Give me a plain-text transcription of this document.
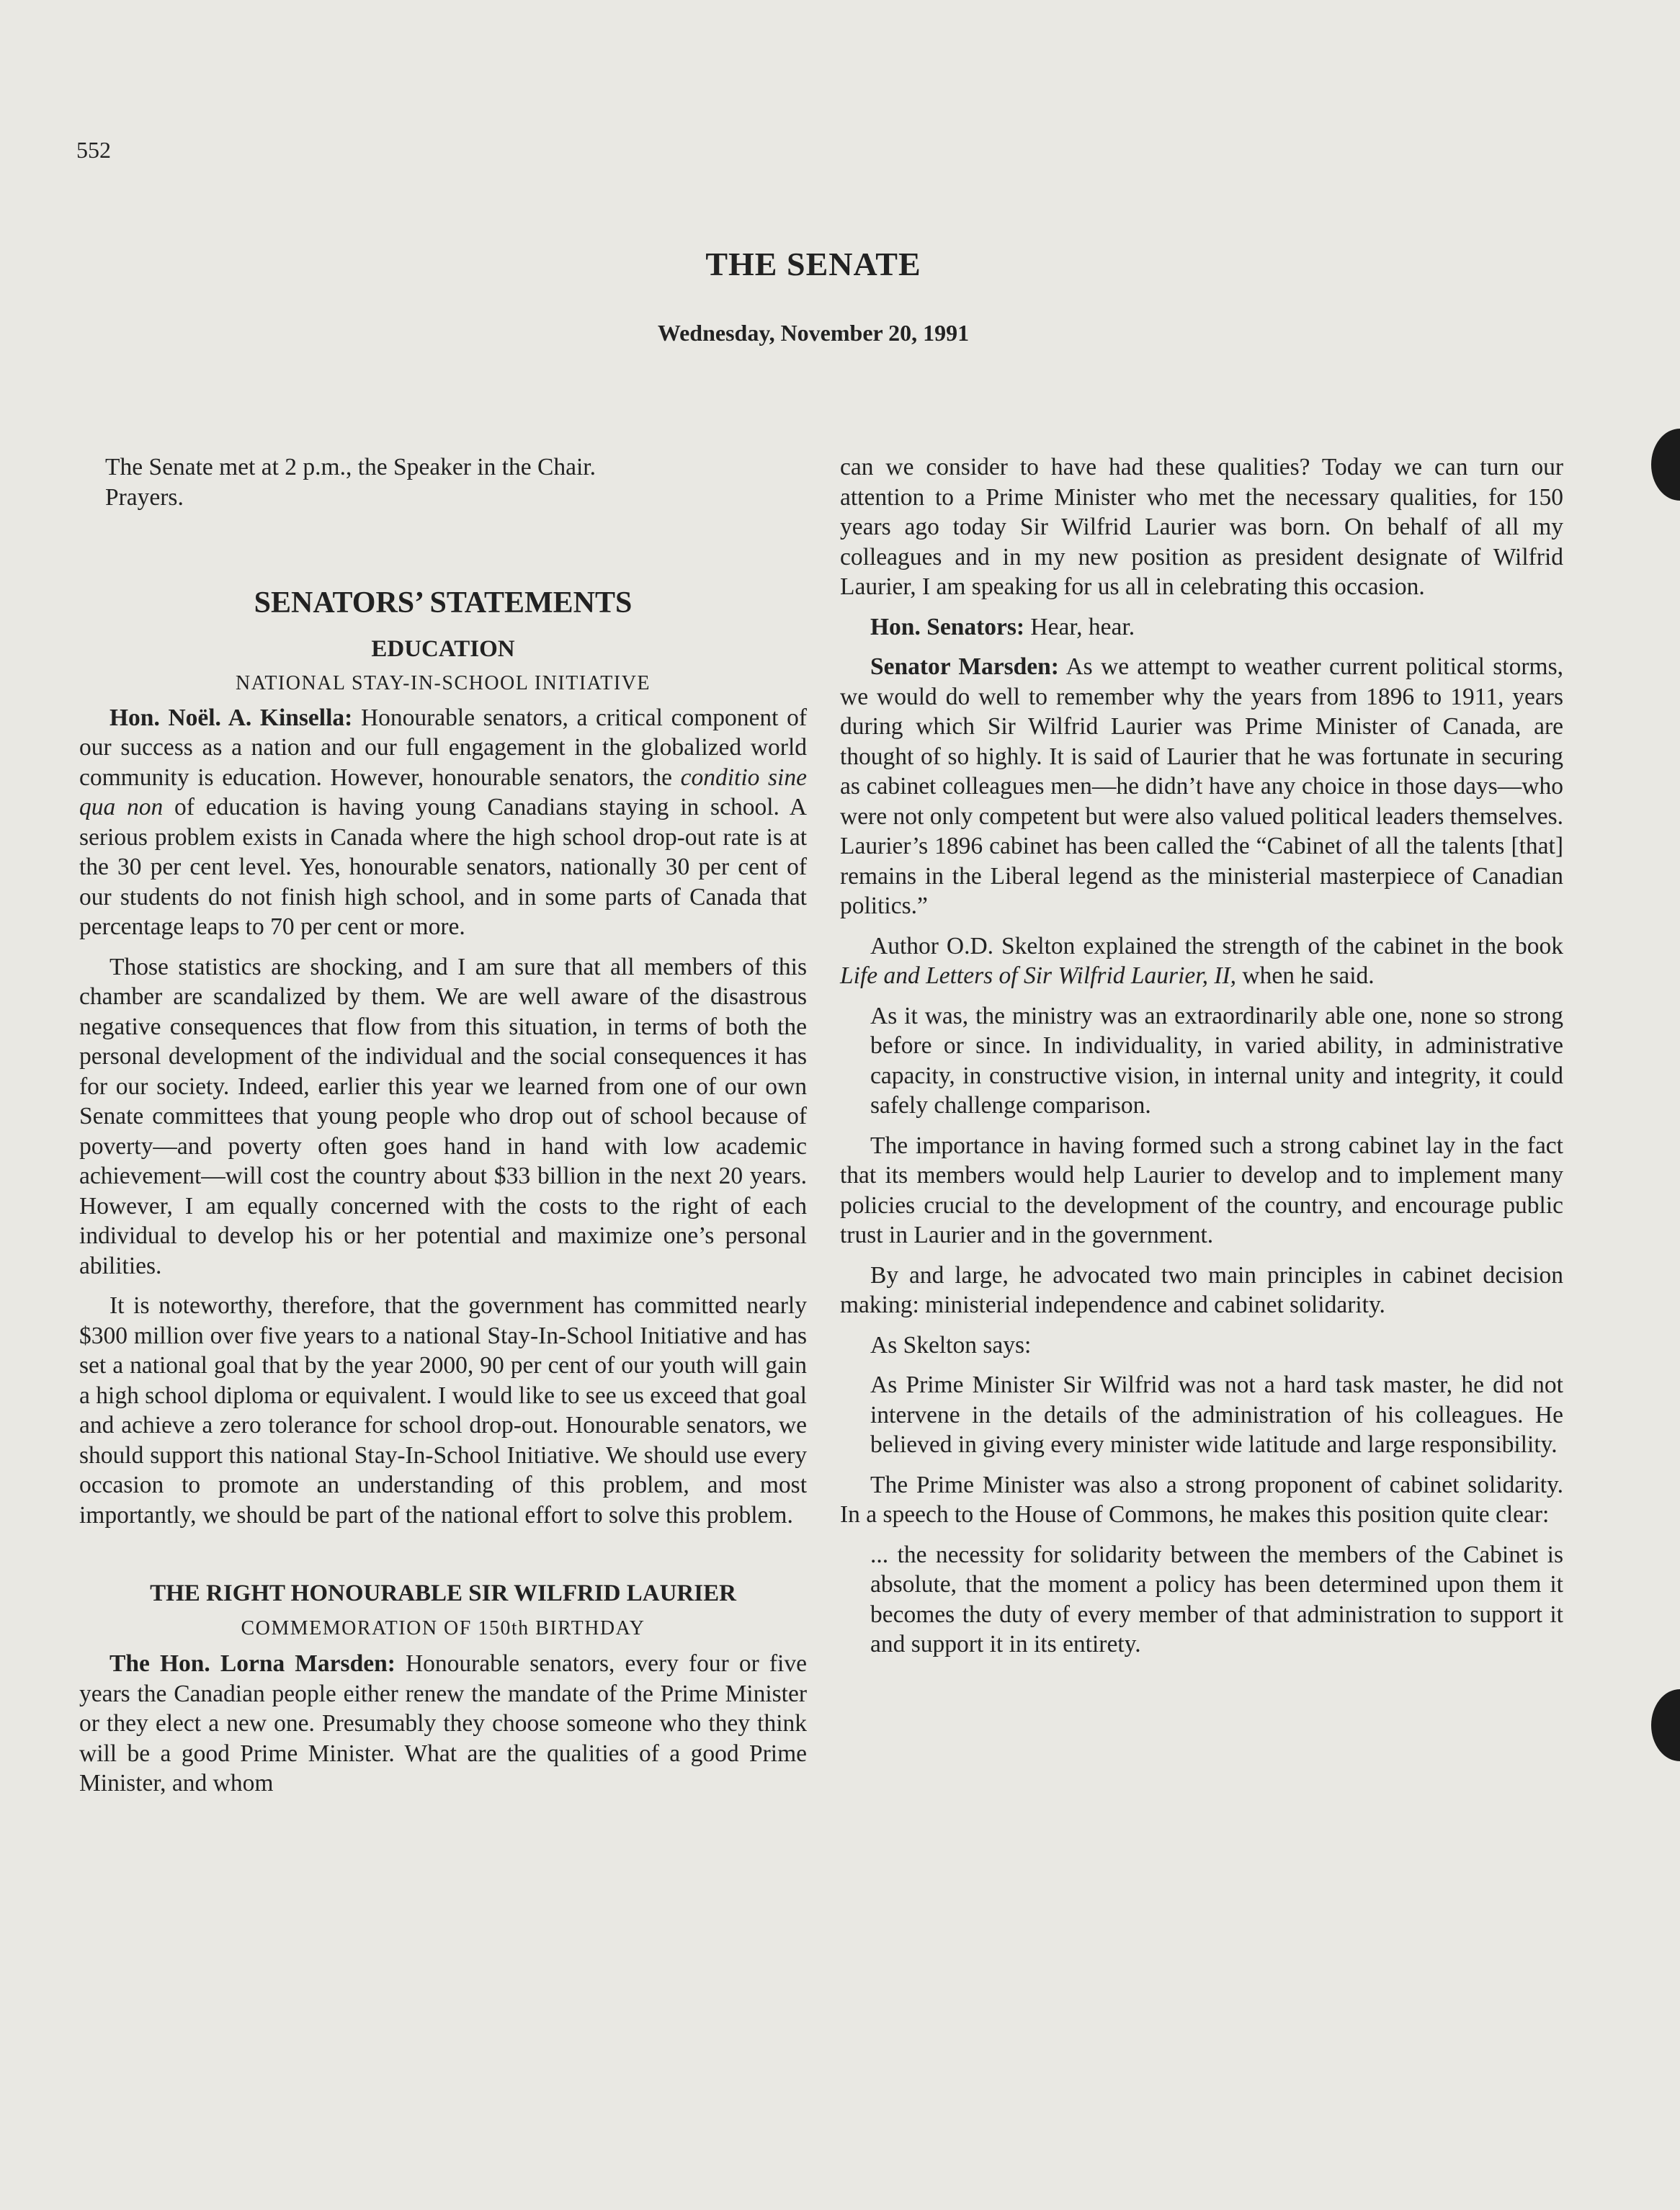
552
THE SENATE
Wednesday, November 20, 1991

The Senate met at 2 p.m., the Speaker in the Chair.

Prayers.

SENATORS’ STATEMENTS
EDUCATION

NATIONAL STAY-IN-SCHOOL INITIATIVE

Hon. Noël. A. Kinsella: Honourable senators, a critical component of our success as a nation and our full engagement in the globalized world community is education. However, honourable senators, the conditio sine qua non of education is having young Canadians staying in school. A serious problem exists in Canada where the high school drop-out rate is at the 30 per cent level. Yes, honourable senators, nationally 30 per cent of our students do not finish high school, and in some parts of Canada that percentage leaps to 70 per cent or more.

Those statistics are shocking, and I am sure that all members of this chamber are scandalized by them. We are well aware of the disastrous negative consequences that flow from this situation, in terms of both the personal development of the individual and the social consequences it has for our society. Indeed, earlier this year we learned from one of our own Senate committees that young people who drop out of school because of poverty—and poverty often goes hand in hand with low academic achievement—will cost the country about $33 billion in the next 20 years. However, I am equally concerned with the costs to the right of each individual to develop his or her potential and maximize one’s personal abilities.

It is noteworthy, therefore, that the government has committed nearly $300 million over five years to a national Stay-In-School Initiative and has set a national goal that by the year 2000, 90 per cent of our youth will gain a high school diploma or equivalent. I would like to see us exceed that goal and achieve a zero tolerance for school drop-out. Honourable senators, we should support this national Stay-In-School Initiative. We should use every occasion to promote an understanding of this problem, and most importantly, we should be part of the national effort to solve this problem.

THE RIGHT HONOURABLE SIR WILFRID LAURIER

COMMEMORATION OF 150th BIRTHDAY

The Hon. Lorna Marsden: Honourable senators, every four or five years the Canadian people either renew the mandate of the Prime Minister or they elect a new one. Presumably they choose someone who they think will be a good Prime Minister. What are the qualities of a good Prime Minister, and whom

can we consider to have had these qualities? Today we can turn our attention to a Prime Minister who met the necessary qualities, for 150 years ago today Sir Wilfrid Laurier was born. On behalf of all my colleagues and in my new position as president designate of Wilfrid Laurier, I am speaking for us all in celebrating this occasion.

Hon. Senators: Hear, hear.

Senator Marsden: As we attempt to weather current political storms, we would do well to remember why the years from 1896 to 1911, years during which Sir Wilfrid Laurier was Prime Minister of Canada, are thought of so highly. It is said of Laurier that he was fortunate in securing as cabinet colleagues men—he didn’t have any choice in those days—who were not only competent but were also valued political leaders themselves. Laurier’s 1896 cabinet has been called the “Cabinet of all the talents [that] remains in the Liberal legend as the ministerial masterpiece of Canadian politics.”

Author O.D. Skelton explained the strength of the cabinet in the book Life and Letters of Sir Wilfrid Laurier, II, when he said.

As it was, the ministry was an extraordinarily able one, none so strong before or since. In individuality, in varied ability, in administrative capacity, in constructive vision, in internal unity and integrity, it could safely challenge comparison.

The importance in having formed such a strong cabinet lay in the fact that its members would help Laurier to develop and to implement many policies crucial to the development of the country, and encourage public trust in Laurier and in the government.

By and large, he advocated two main principles in cabinet decision making: ministerial independence and cabinet solidarity.

As Skelton says:

As Prime Minister Sir Wilfrid was not a hard task master, he did not intervene in the details of the administration of his colleagues. He believed in giving every minister wide latitude and large responsibility.

The Prime Minister was also a strong proponent of cabinet solidarity. In a speech to the House of Commons, he makes this position quite clear:

... the necessity for solidarity between the members of the Cabinet is absolute, that the moment a policy has been determined upon them it becomes the duty of every member of that administration to support it and support it in its entirety.
